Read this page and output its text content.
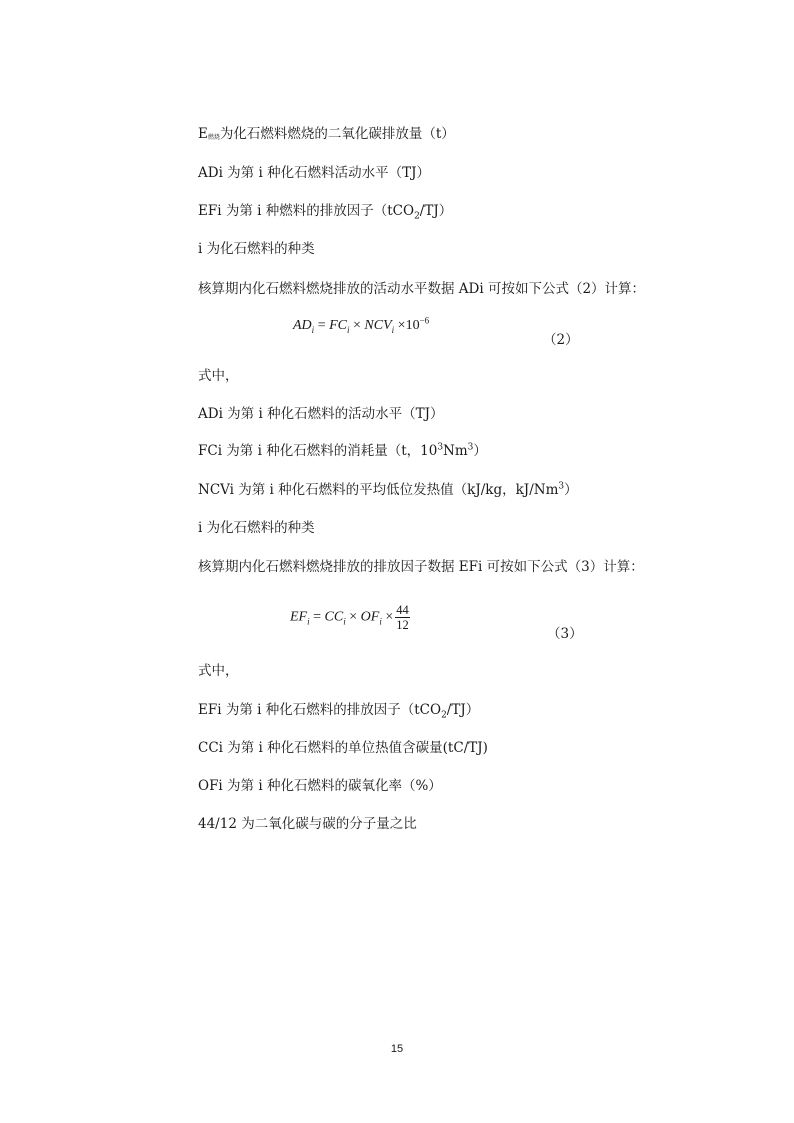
E燃烧为化石燃料燃烧的二氧化碳排放量（t）
ADi 为第 i 种化石燃料活动水平（TJ）
EFi 为第 i 种燃料的排放因子（tCO$_2$/TJ）
i 为化石燃料的种类
核算期内化石燃料燃烧排放的活动水平数据 ADi 可按如下公式（2）计算：
$AD_i = FC_i \times NCV_i \times 10^{-6}$
（2）
式中，
ADi 为第 i 种化石燃料的活动水平（TJ）
FCi 为第 i 种化石燃料的消耗量（t，$10^3Nm^3$）
NCVi 为第 i 种化石燃料的平均低位发热值（kJ/kg，kJ/Nm$^3$）
i 为化石燃料的种类
核算期内化石燃料燃烧排放的排放因子数据 EFi 可按如下公式（3）计算：
$EF_i = CC_i \times OF_i \times \frac{44}{12}$
（3）
式中，
EFi 为第 i 种化石燃料的排放因子（tCO$_2$/TJ）
CCi 为第 i 种化石燃料的单位热值含碳量(tC/TJ)
OFi 为第 i 种化石燃料的碳氧化率（%）
44/12 为二氧化碳与碳的分子量之比
15
